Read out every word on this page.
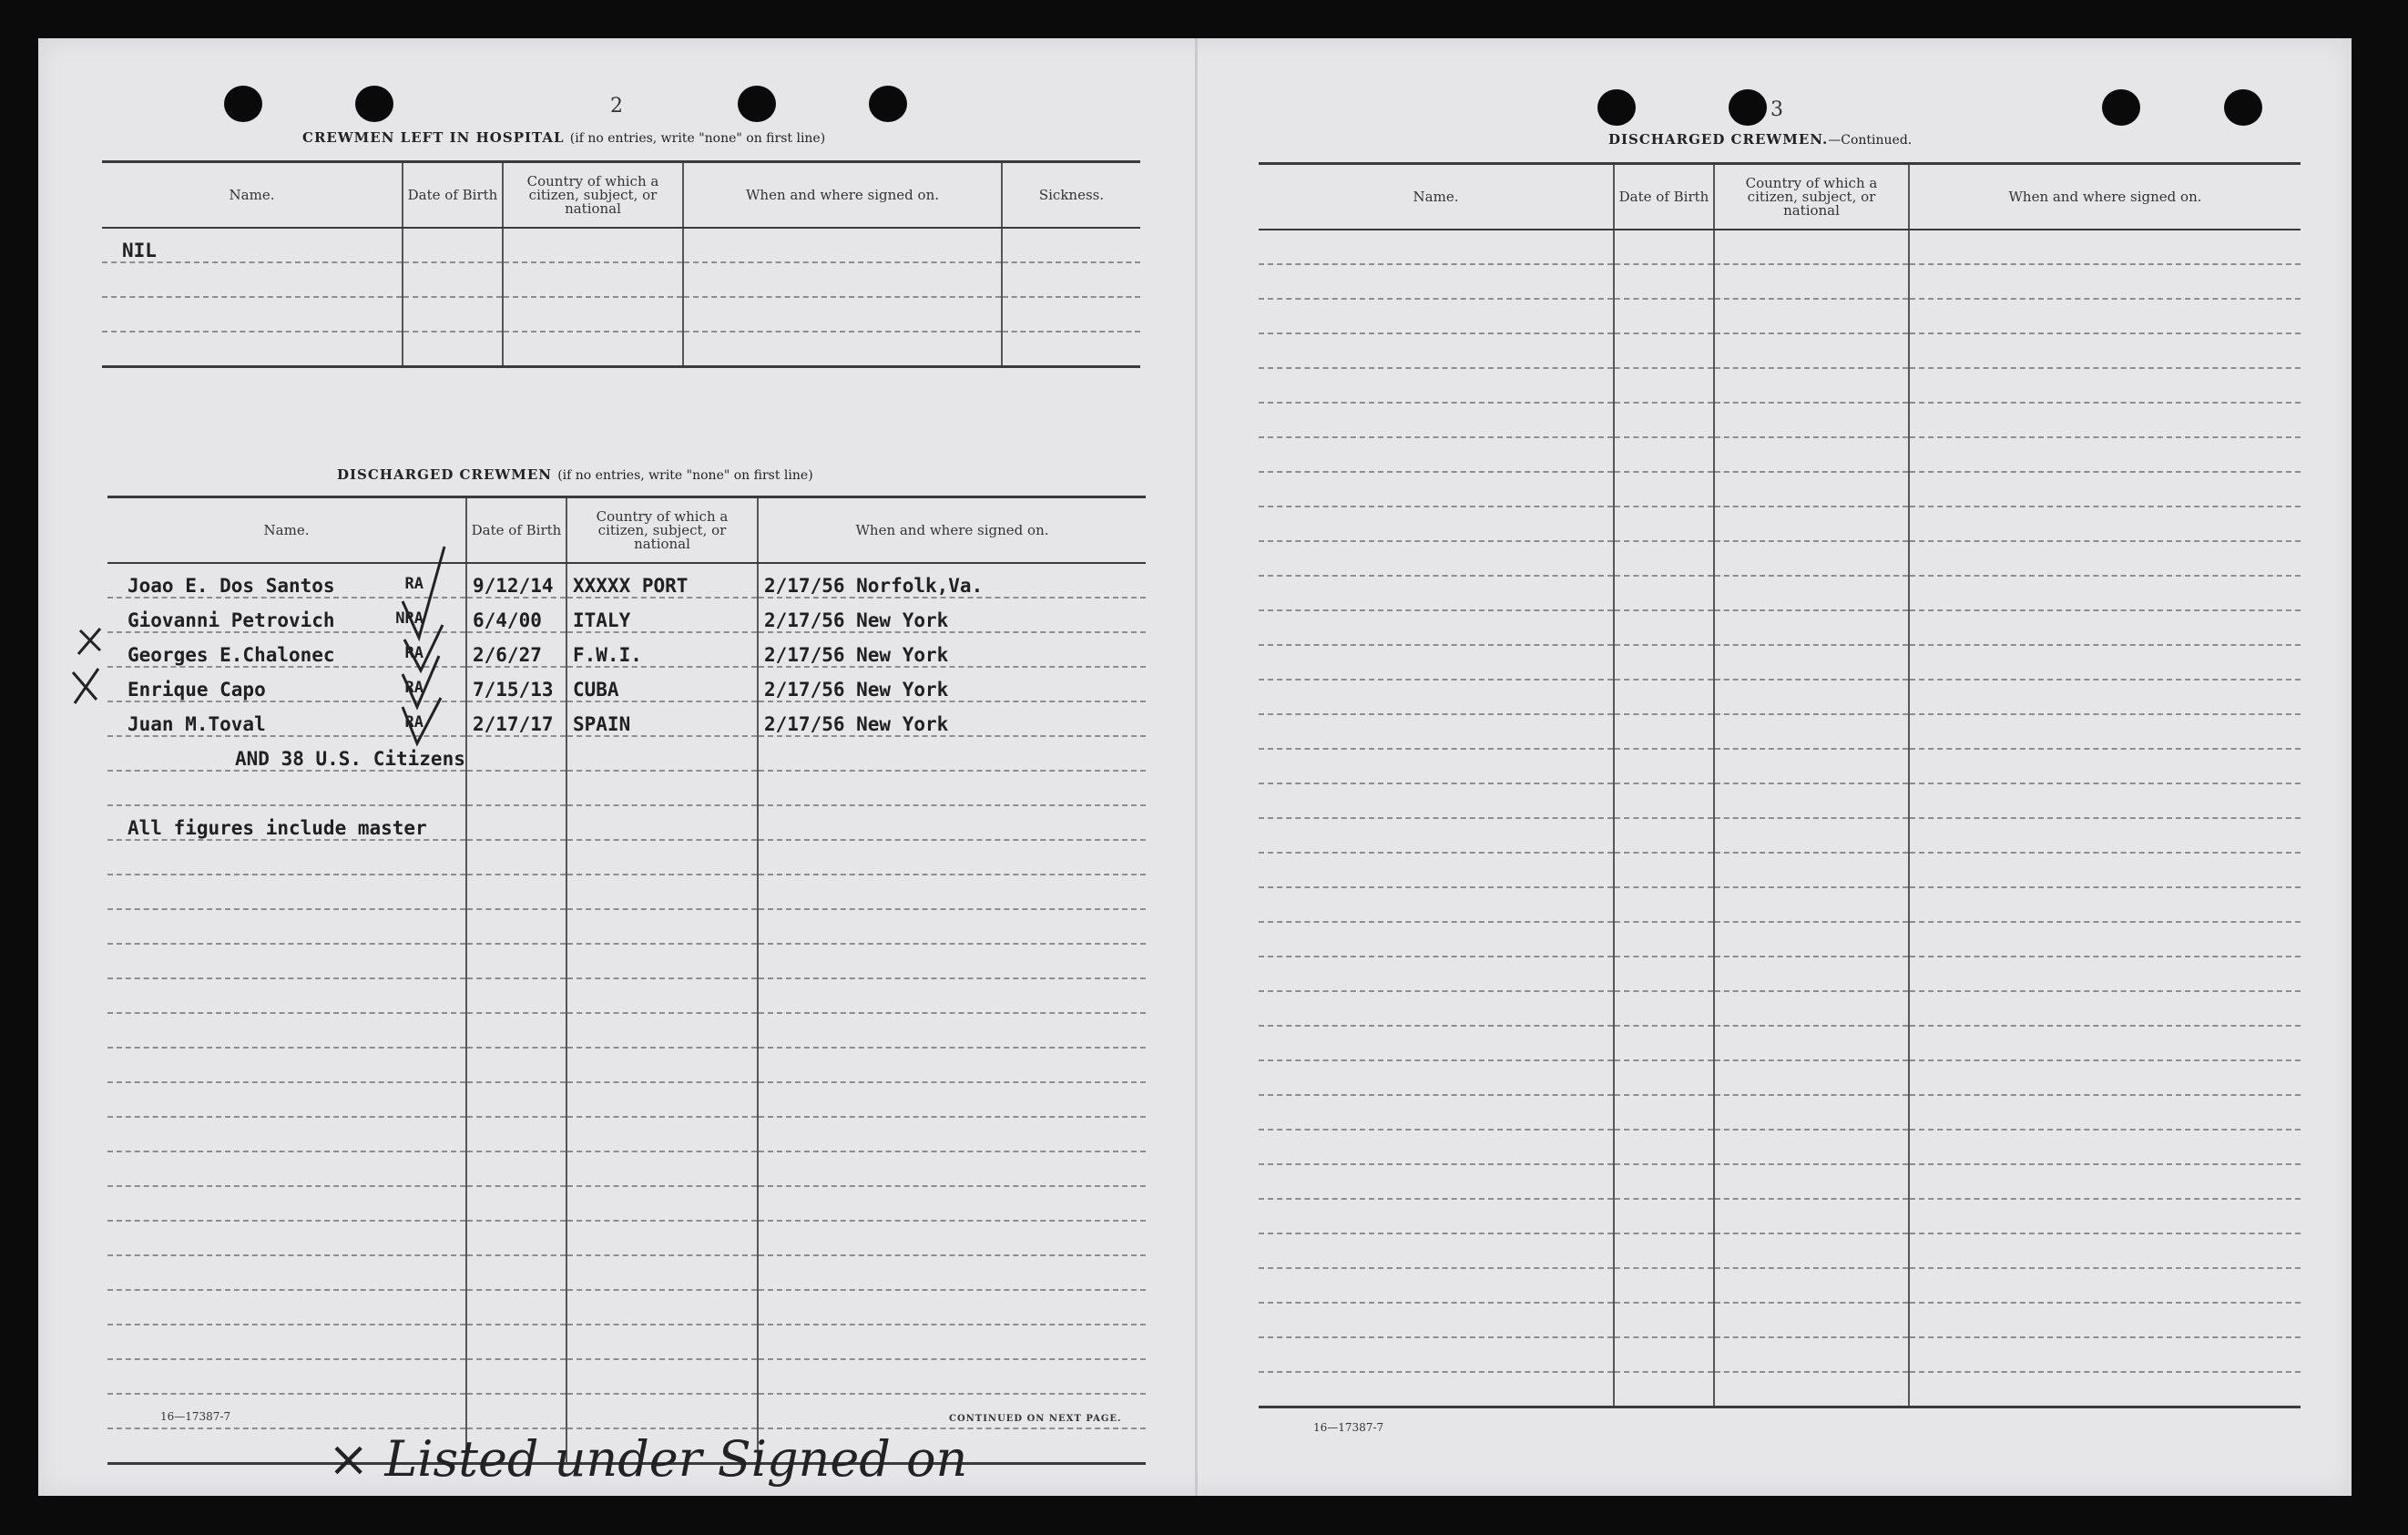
2
CREWMEN LEFT IN HOSPITAL (if no entries, write "none" on first line)
Name.	Date of Birth	Country of which a citizen, subject, or national	When and where signed on.	Sickness.
NIL				

DISCHARGED CREWMEN (if no entries, write "none" on first line)
Name.	Date of Birth	Country of which a citizen, subject, or national	When and where signed on.

Joao E. Dos Santos RA	9/12/14	XXXXX PORT	2/17/56 Norfolk,Va.

Giovanni Petrovich NRA	6/4/00	ITALY	2/17/56 New York

Georges E.Chalonec RA	2/6/27	F.W.I.	2/17/56 New York

Enrique Capo RA	7/15/13	CUBA	2/17/56 New York

Juan M.Toval RA	2/17/17	SPAIN	2/17/56 New York
AND 38 U.S. Citizens			

All figures include master			

16—17387-7	CONTINUED ON NEXT PAGE.
3
DISCHARGED CREWMEN.—Continued.
Name.	Date of Birth	Country of which a citizen, subject, or national	When and where signed on.

16—17387-7
× Listed under Signed on
